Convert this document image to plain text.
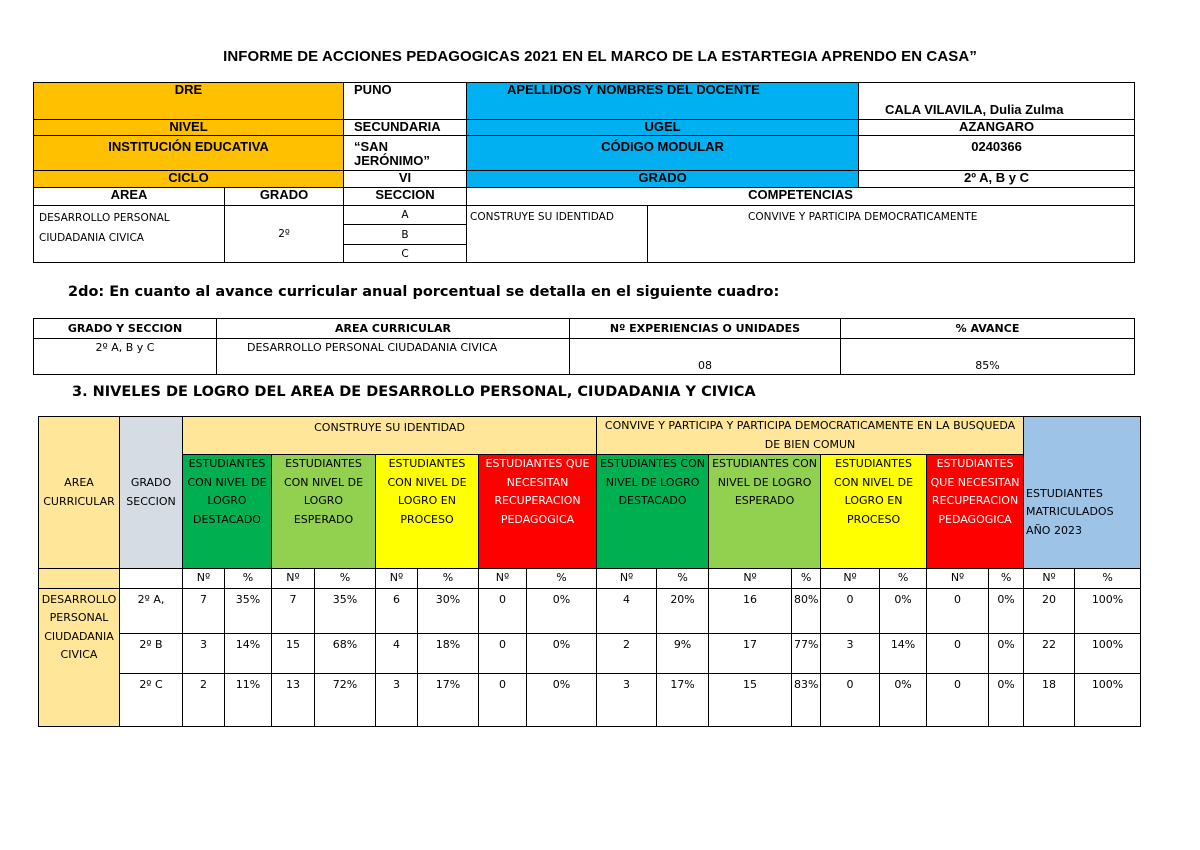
INFORME DE ACCIONES PEDAGOGICAS 2021 EN EL MARCO DE LA ESTARTEGIA APRENDO EN CASA”
DRE		PUNO	APELLIDOS Y NOMBRES DEL DOCENTE		CALA VILAVILA, Dulia Zulma
NIVEL		SECUNDARIA	UGEL		AZANGARO
INSTITUCIÓN EDUCATIVA		“SAN JERÓNIMO”	CÓDIGO MODULAR		0240366
CICLO		VI	GRADO		2º A, B y C
AREA	GRADO	SECCION	COMPETENCIAS		

DESARROLLO PERSONAL
CIUDADANIA CIVICA	2º	A	CONSTRUYE SU IDENTIDAD	CONVIVE Y PARTICIPA DEMOCRATICAMENTE	
		B			
		C			
2do: En cuanto al avance curricular anual porcentual se detalla en el siguiente cuadro:
GRADO Y SECCION	AREA CURRICULAR	Nº EXPERIENCIAS O UNIDADES	% AVANCE
2º A, B y C	DESARROLLO PERSONAL CIUDADANIA CIVICA	08	85%
3. NIVELES DE LOGRO DEL AREA DE DESARROLLO PERSONAL, CIUDADANIA Y CIVICA
AREA CURRICULAR	GRADO SECCION	CONSTRUYE SU IDENTIDAD								CONVIVE Y PARTICIPA Y PARTICIPA DEMOCRATICAMENTE EN LA BUSQUEDA DE BIEN COMUN								ESTUDIANTES MATRICULADOS AÑO 2023	
		ESTUDIANTES CON NIVEL DE LOGRO DESTACADO		ESTUDIANTES CON NIVEL DE LOGRO ESPERADO		ESTUDIANTES CON NIVEL DE LOGRO EN PROCESO		ESTUDIANTES QUE NECESITAN RECUPERACION PEDAGOGICA		ESTUDIANTES CON NIVEL DE LOGRO DESTACADO		ESTUDIANTES CON NIVEL DE LOGRO ESPERADO		ESTUDIANTES CON NIVEL DE LOGRO EN PROCESO		ESTUDIANTES QUE NECESITAN RECUPERACION PEDAGOGICA			
		Nº	%	Nº	%	Nº	%	Nº	%	Nº	%	Nº	%	Nº	%	Nº	%	Nº	%
DESARROLLO PERSONAL CIUDADANIA CIVICA	2º A,	7	35%	7	35%	6	30%	0	0%	4	20%	16	80%	0	0%	0	0%	20	100%
	2º B	3	14%	15	68%	4	18%	0	0%	2	9%	17	77%	3	14%	0	0%	22	100%
	2º C	2	11%	13	72%	3	17%	0	0%	3	17%	15	83%	0	0%	0	0%	18	100%
